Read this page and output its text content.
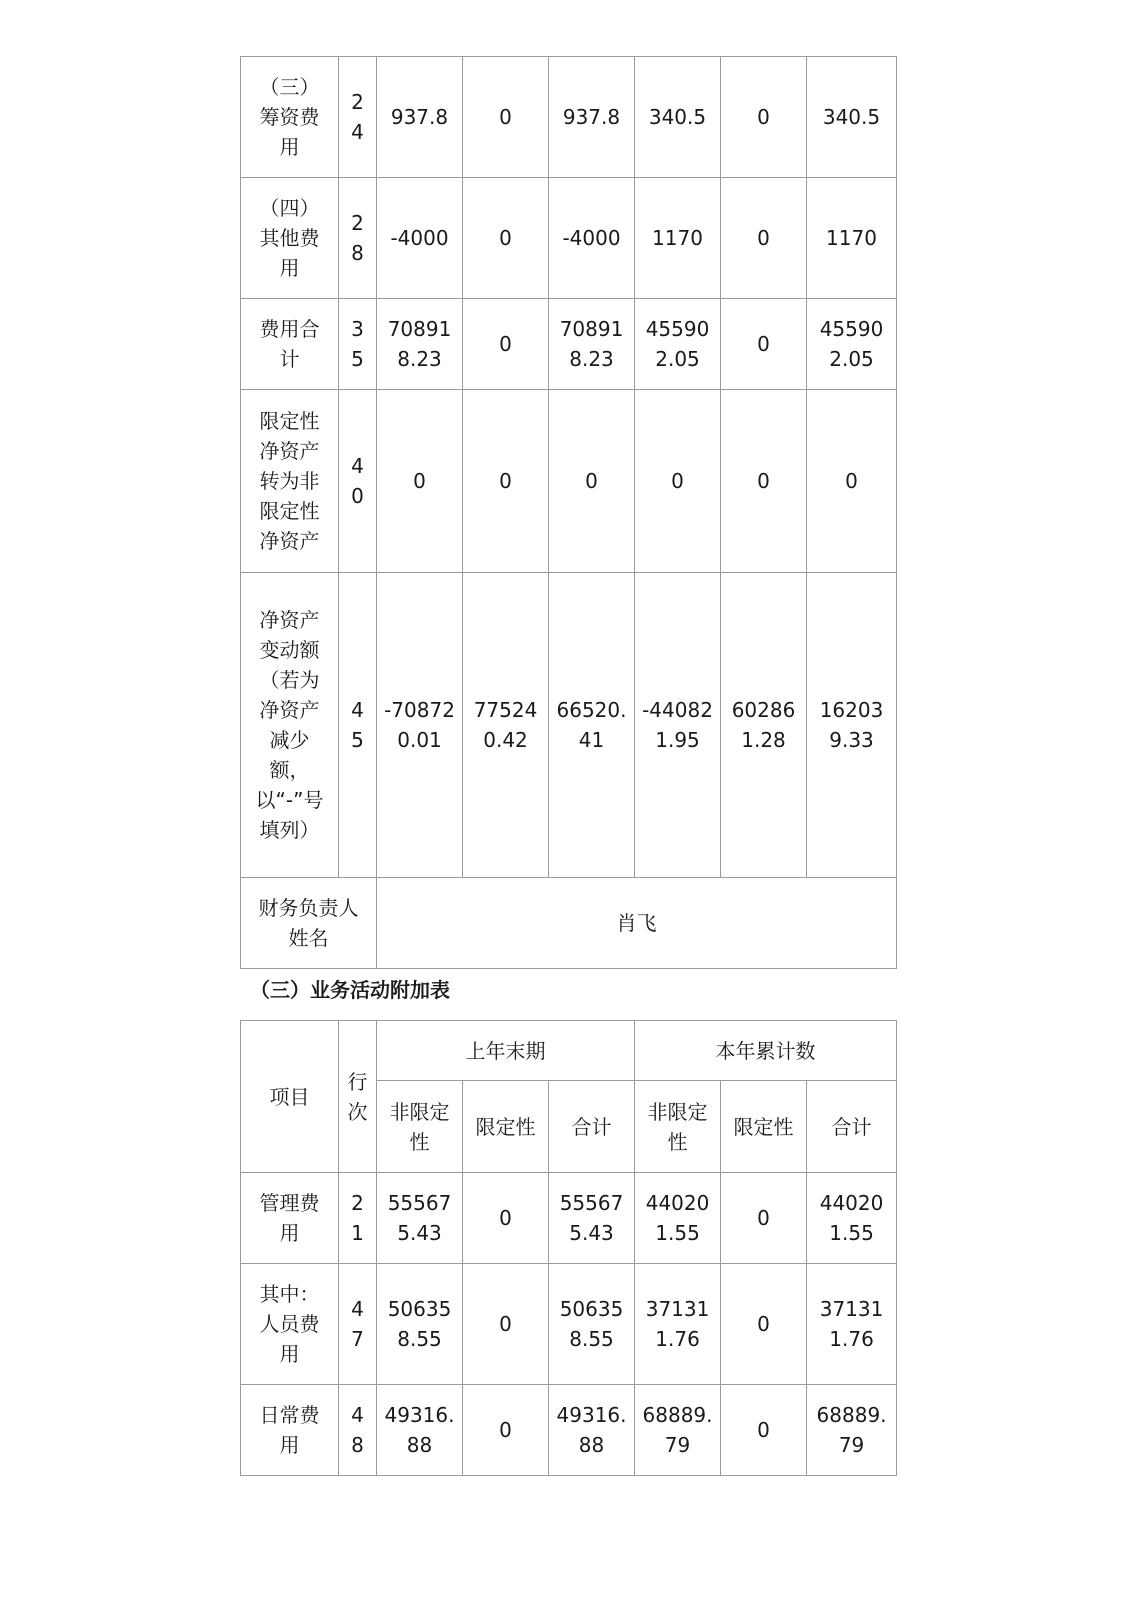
（三）筹资费用	24	937.8	0	937.8	340.5	0	340.5
（四）其他费用	28	-4000	0	-4000	1170	0	1170
费用合计	35	708918.23	0	708918.23	455902.05	0	455902.05
限定性净资产转为非限定性净资产	40	0	0	0	0	0	0
净资产变动额（若为净资产减少额，以“-”号填列）	45	-708720.01	775240.42	66520.41	-440821.95	602861.28	162039.33
财务负责人姓名		肖飞					
（三）业务活动附加表
项目	行次	上年末期			本年累计数		
		非限定性	限定性	合计	非限定性	限定性	合计
管理费用	21	555675.43	0	555675.43	440201.55	0	440201.55
其中：人员费用	47	506358.55	0	506358.55	371311.76	0	371311.76
日常费用	48	49316.88	0	49316.88	68889.79	0	68889.79
